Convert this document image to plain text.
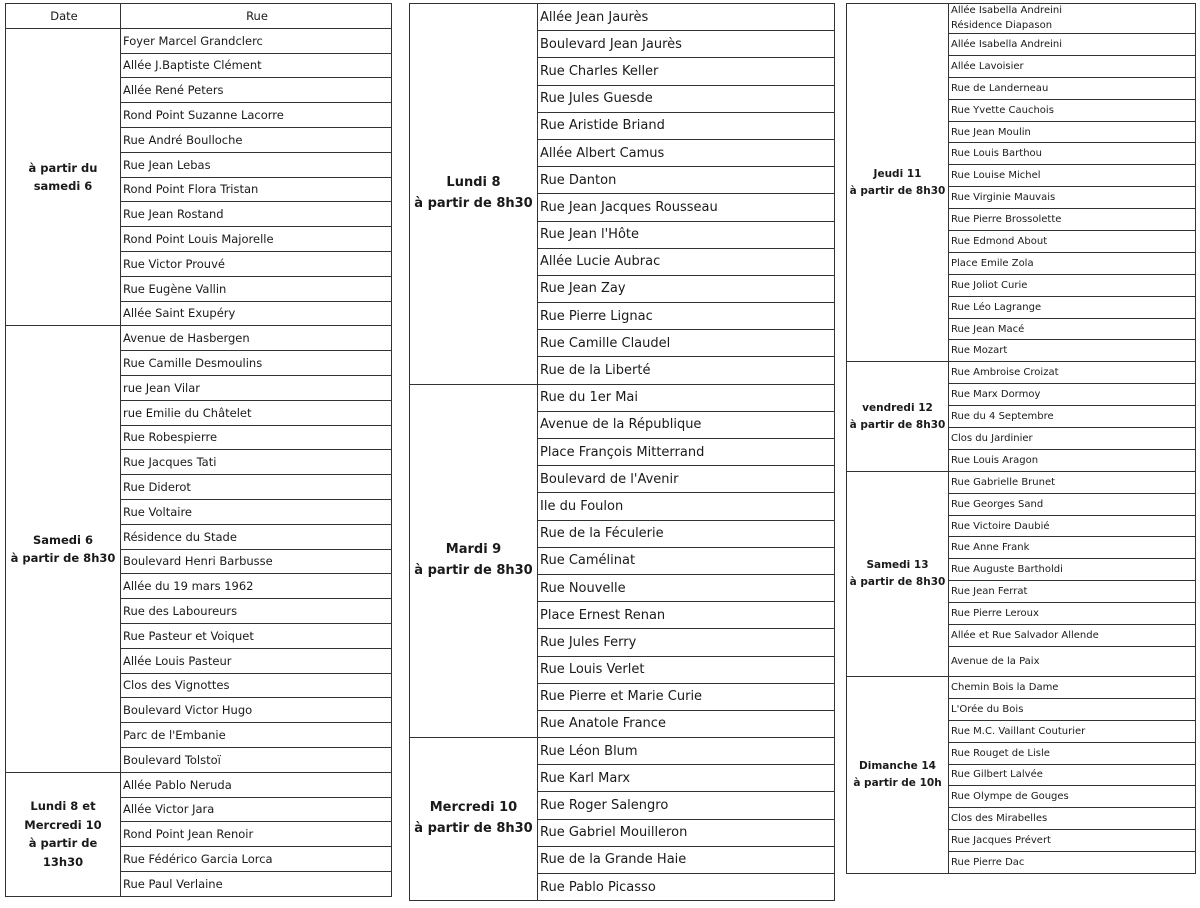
Date	Rue
à partir du
samedi 6	Foyer Marcel Grandclerc
	Allée J.Baptiste Clément
	Allée René Peters
	Rond Point Suzanne Lacorre
	Rue André Boulloche
	Rue Jean Lebas
	Rond Point Flora Tristan
	Rue Jean Rostand
	Rond Point Louis Majorelle
	Rue Victor Prouvé
	Rue Eugène Vallin
	Allée Saint Exupéry
Samedi 6
à partir de 8h30	Avenue de Hasbergen
	Rue Camille Desmoulins
	rue Jean Vilar
	rue Emilie du Châtelet
	Rue Robespierre
	Rue Jacques Tati
	Rue Diderot
	Rue Voltaire
	Résidence du Stade
	Boulevard Henri Barbusse
	Allée du 19 mars 1962
	Rue des Laboureurs
	Rue Pasteur et Voiquet
	Allée Louis Pasteur
	Clos des Vignottes
	Boulevard Victor Hugo
	Parc de l'Embanie
	Boulevard Tolstoï
Lundi 8 et
Mercredi 10
à partir de 13h30	Allée Pablo Neruda
	Allée Victor Jara
	Rond Point Jean Renoir
	Rue Fédérico Garcia Lorca
	Rue Paul Verlaine
Lundi 8
à partir de 8h30	Allée Jean Jaurès
	Boulevard Jean Jaurès
	Rue Charles Keller
	Rue Jules Guesde
	Rue Aristide Briand
	Allée Albert Camus
	Rue Danton
	Rue Jean Jacques Rousseau
	Rue Jean l'Hôte
	Allée Lucie Aubrac
	Rue Jean Zay
	Rue Pierre Lignac
	Rue Camille Claudel
	Rue de la Liberté
Mardi 9
à partir de 8h30	Rue du 1er Mai
	Avenue de la République
	Place François Mitterrand
	Boulevard de l'Avenir
	Ile du Foulon
	Rue de la Féculerie
	Rue Camélinat
	Rue Nouvelle
	Place Ernest Renan
	Rue Jules Ferry
	Rue Louis Verlet
	Rue Pierre et Marie Curie
	Rue Anatole France
Mercredi 10
à partir de 8h30	Rue Léon Blum
	Rue Karl Marx
	Rue Roger Salengro
	Rue Gabriel Mouilleron
	Rue de la Grande Haie
	Rue Pablo Picasso
Jeudi 11
à partir de 8h30	Allée Isabella Andreini
Résidence Diapason
	Allée Isabella Andreini
	Allée Lavoisier
	Rue de Landerneau
	Rue Yvette Cauchois
	Rue Jean Moulin
	Rue Louis Barthou
	Rue Louise Michel
	Rue Virginie Mauvais
	Rue Pierre Brossolette
	Rue Edmond About
	Place Emile Zola
	Rue Joliot Curie
	Rue Léo Lagrange
	Rue Jean Macé
	Rue Mozart
vendredi 12
à partir de 8h30	Rue Ambroise Croizat
	Rue Marx Dormoy
	Rue du 4 Septembre
	Clos du Jardinier
	Rue Louis Aragon
Samedi 13
à partir de 8h30	Rue Gabrielle Brunet
	Rue Georges Sand
	Rue Victoire Daubié
	Rue Anne Frank
	Rue Auguste Bartholdi
	Rue Jean Ferrat
	Rue Pierre Leroux
	Allée et Rue Salvador Allende
	Avenue de la Paix
Dimanche 14
à partir de 10h	Chemin Bois la Dame
	L'Orée du Bois
	Rue M.C. Vaillant Couturier
	Rue Rouget de Lisle
	Rue Gilbert Lalvée
	Rue Olympe de Gouges
	Clos des Mirabelles
	Rue Jacques Prévert
	Rue Pierre Dac
